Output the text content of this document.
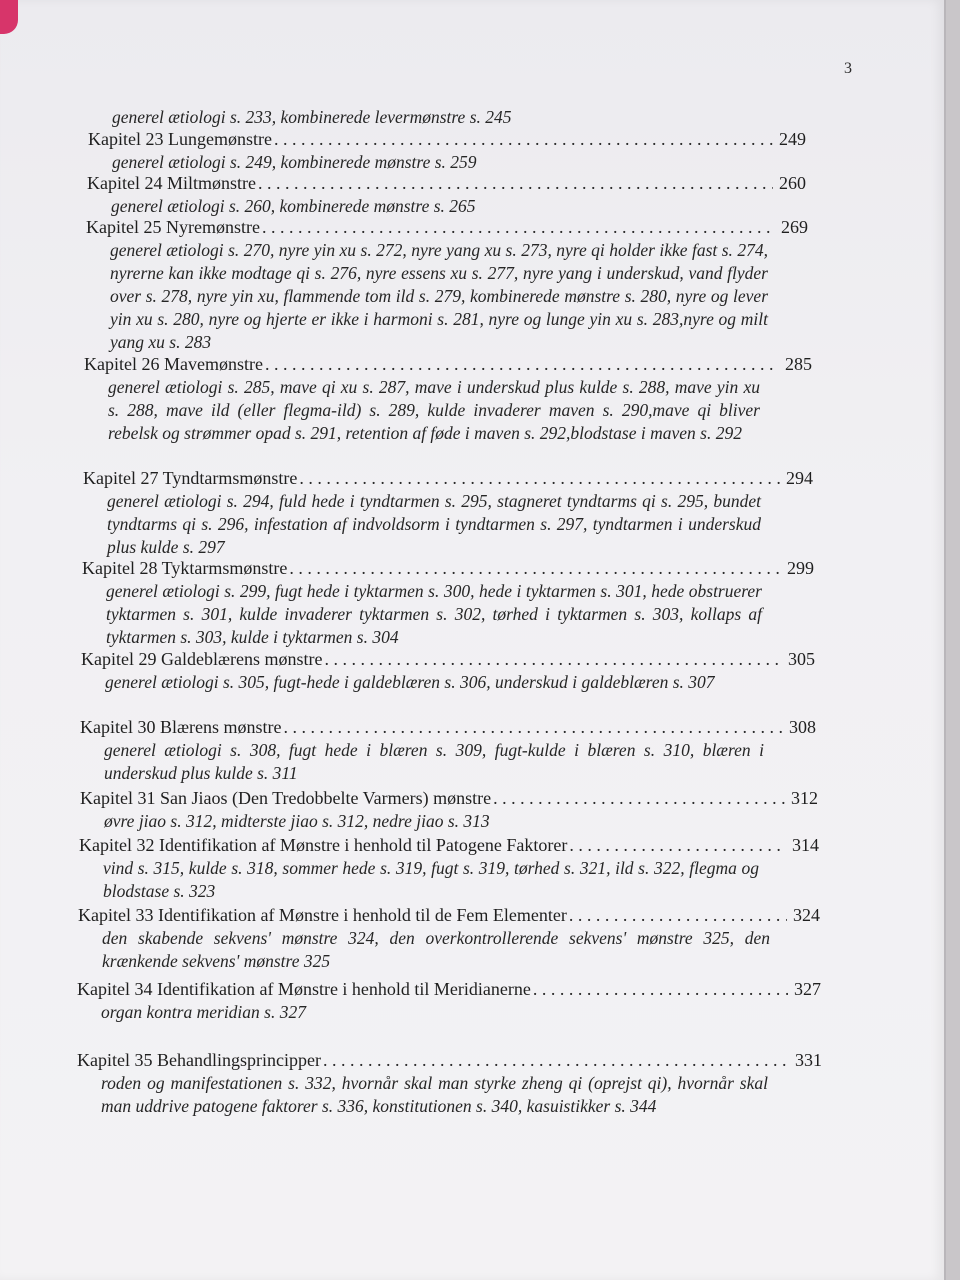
3
generel ætiologi s. 233, kombinerede levermønstre s. 245
Kapitel 23 Lungemønstre . . .	249
generel ætiologi s. 249, kombinerede mønstre s. 259
Kapitel 24 Miltmønstre . . .	260
generel ætiologi s. 260, kombinerede mønstre s. 265
Kapitel 25 Nyremønstre . . .	269
generel ætiologi s. 270, nyre yin xu s. 272, nyre yang xu s. 273, nyre qi holder ikke fast s. 274, nyrerne kan ikke modtage qi s. 276, nyre essens xu s. 277, nyre yang i underskud, vand flyder over s. 278, nyre yin xu, flammende tom ild s. 279, kombinerede mønstre s. 280, nyre og lever yin xu s. 280, nyre og hjerte er ikke i harmoni s. 281, nyre og lunge yin xu s. 283,nyre og milt yang xu s. 283
Kapitel 26 Mavemønstre . . .	285
generel ætiologi s. 285, mave qi xu s. 287, mave i underskud plus kulde s. 288, mave yin xu s. 288, mave ild (eller flegma-ild) s. 289, kulde invaderer maven s. 290,mave qi bliver rebelsk og strømmer opad s. 291, retention af føde i maven s. 292,blodstase i maven s. 292
Kapitel 27 Tyndtarmsmønstre . . .	294
generel ætiologi s. 294, fuld hede i tyndtarmen s. 295, stagneret tyndtarms qi s. 295, bundet tyndtarms qi s. 296, infestation af indvoldsorm i tyndtarmen s. 297, tyndtarmen i underskud plus kulde s. 297
Kapitel 28 Tyktarmsmønstre . . .	299
generel ætiologi s. 299, fugt hede i tyktarmen s. 300, hede i tyktarmen s. 301, hede obstruerer tyktarmen s. 301, kulde invaderer tyktarmen s. 302, tørhed i tyktarmen s. 303, kollaps af tyktarmen s. 303, kulde i tyktarmen s. 304
Kapitel 29 Galdeblærens mønstre . . .	305
generel ætiologi s. 305, fugt-hede i galdeblæren s. 306, underskud i galdeblæren s. 307
Kapitel 30 Blærens mønstre . . .	308
generel ætiologi s. 308, fugt hede i blæren s. 309, fugt-kulde i blæren s. 310, blæren i underskud plus kulde s. 311
Kapitel 31 San Jiaos (Den Tredobbelte Varmers) mønstre . . .	312
øvre jiao s. 312, midterste jiao s. 312, nedre jiao s. 313
Kapitel 32 Identifikation af Mønstre i henhold til Patogene Faktorer . . .	314
vind s. 315, kulde s. 318, sommer hede s. 319, fugt s. 319, tørhed s. 321, ild s. 322, flegma og blodstase s. 323
Kapitel 33 Identifikation af Mønstre i henhold til de Fem Elementer . . .	324
den skabende sekvens' mønstre 324, den overkontrollerende sekvens' mønstre 325, den krænkende sekvens' mønstre 325
Kapitel 34 Identifikation af Mønstre i henhold til Meridianerne . . .	327
organ kontra meridian s. 327
Kapitel 35 Behandlingsprincipper . . .	331
roden og manifestationen s. 332, hvornår skal man styrke zheng qi (oprejst qi), hvornår skal man uddrive patogene faktorer s. 336, konstitutionen s. 340, kasuistikker s. 344
